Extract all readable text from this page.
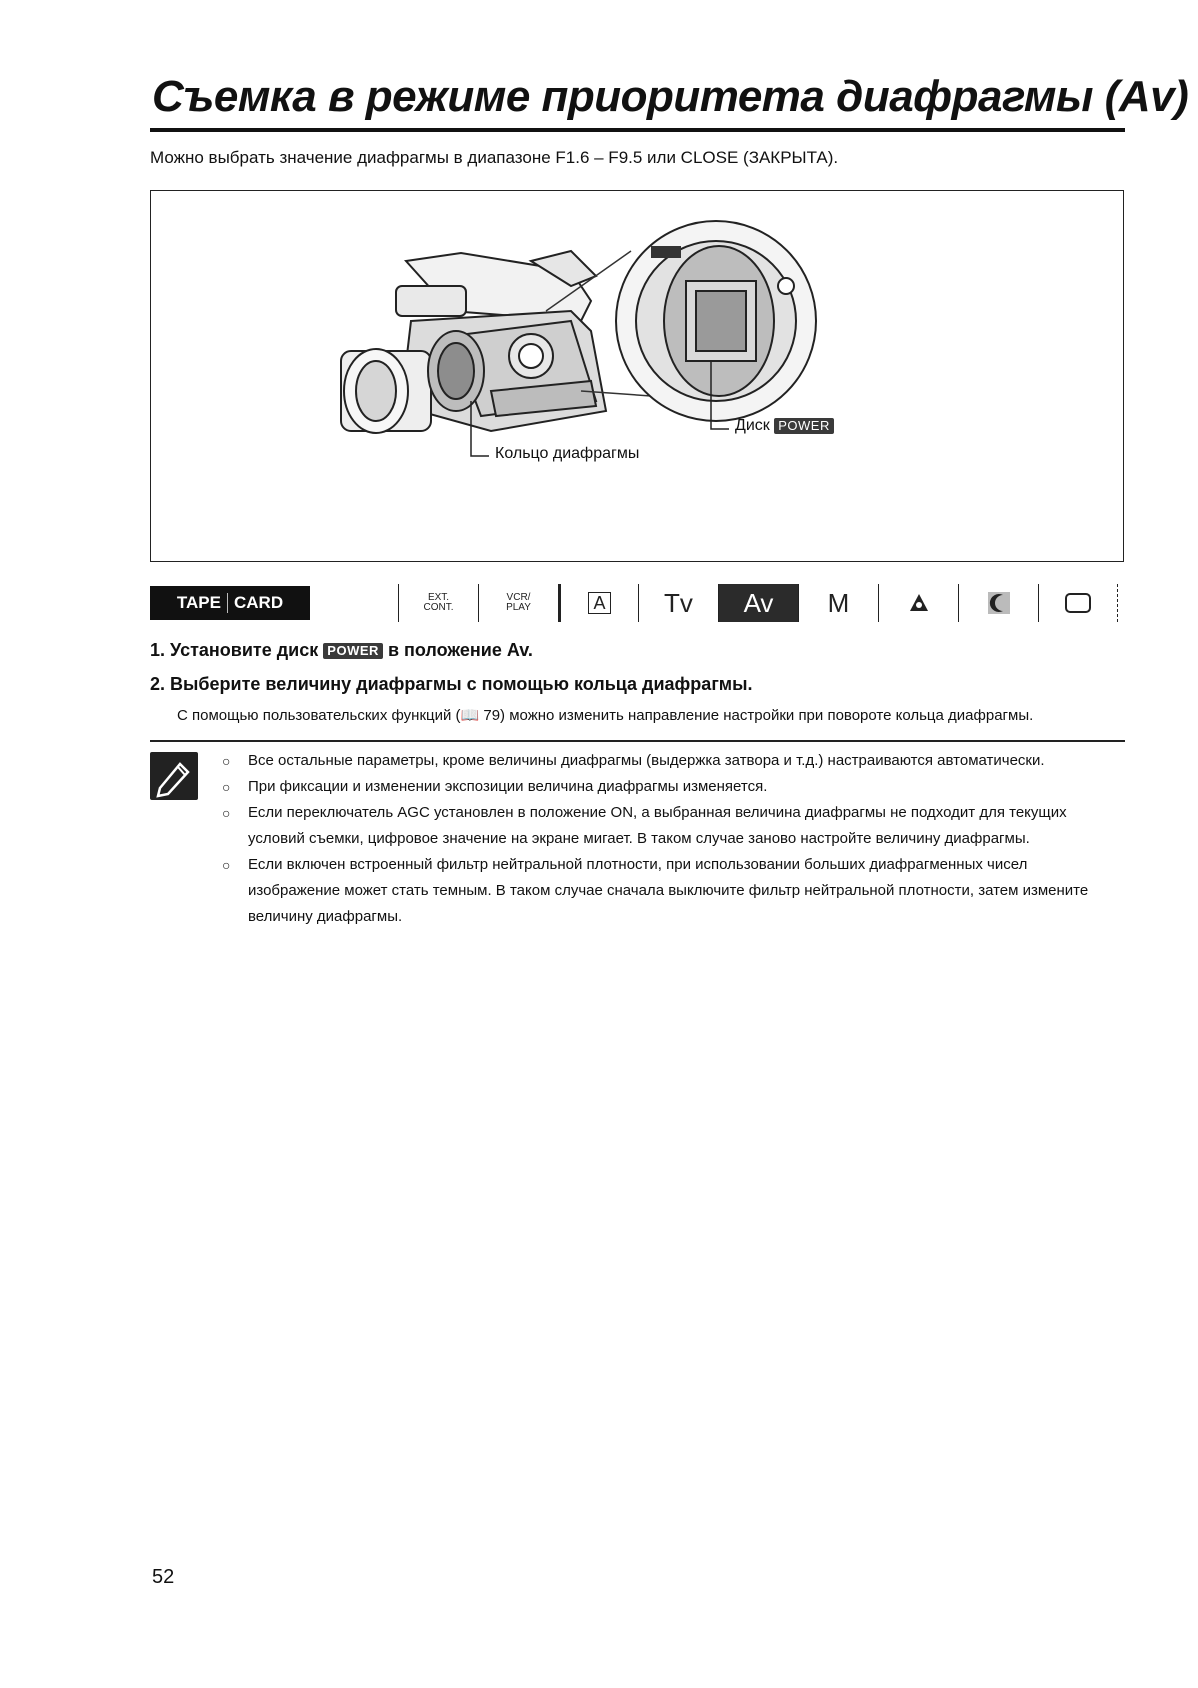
Съемка в режиме приоритета диафрагмы (Av)
Можно выбрать значение диафрагмы в диапазоне F1.6 – F9.5 или CLOSE (ЗАКРЫТА).
Диск POWER
Кольцо диафрагмы
TAPE CARD	EXT.
CONT.
VCR/
PLAY	A	Tv	Av	M
1. Установите диск POWER в положение Av.
2. Выберите величину диафрагмы с помощью кольца диафрагмы.
С помощью пользовательских функций (📖 79) можно изменить направление настройки при повороте кольца диафрагмы.
○ Все остальные параметры, кроме величины диафрагмы (выдержка затвора и т.д.) настраиваются автоматически.
○ При фиксации и изменении экспозиции величина диафрагмы изменяется.
○ Если переключатель AGC установлен в положение ON, а выбранная величина диафрагмы не подходит для текущих условий съемки, цифровое значение на экране мигает. В таком случае заново настройте величину диафрагмы.
○ Если включен встроенный фильтр нейтральной плотности, при использовании больших диафрагменных чисел изображение может стать темным. В таком случае сначала выключите фильтр нейтральной плотности, затем измените величину диафрагмы.
52
